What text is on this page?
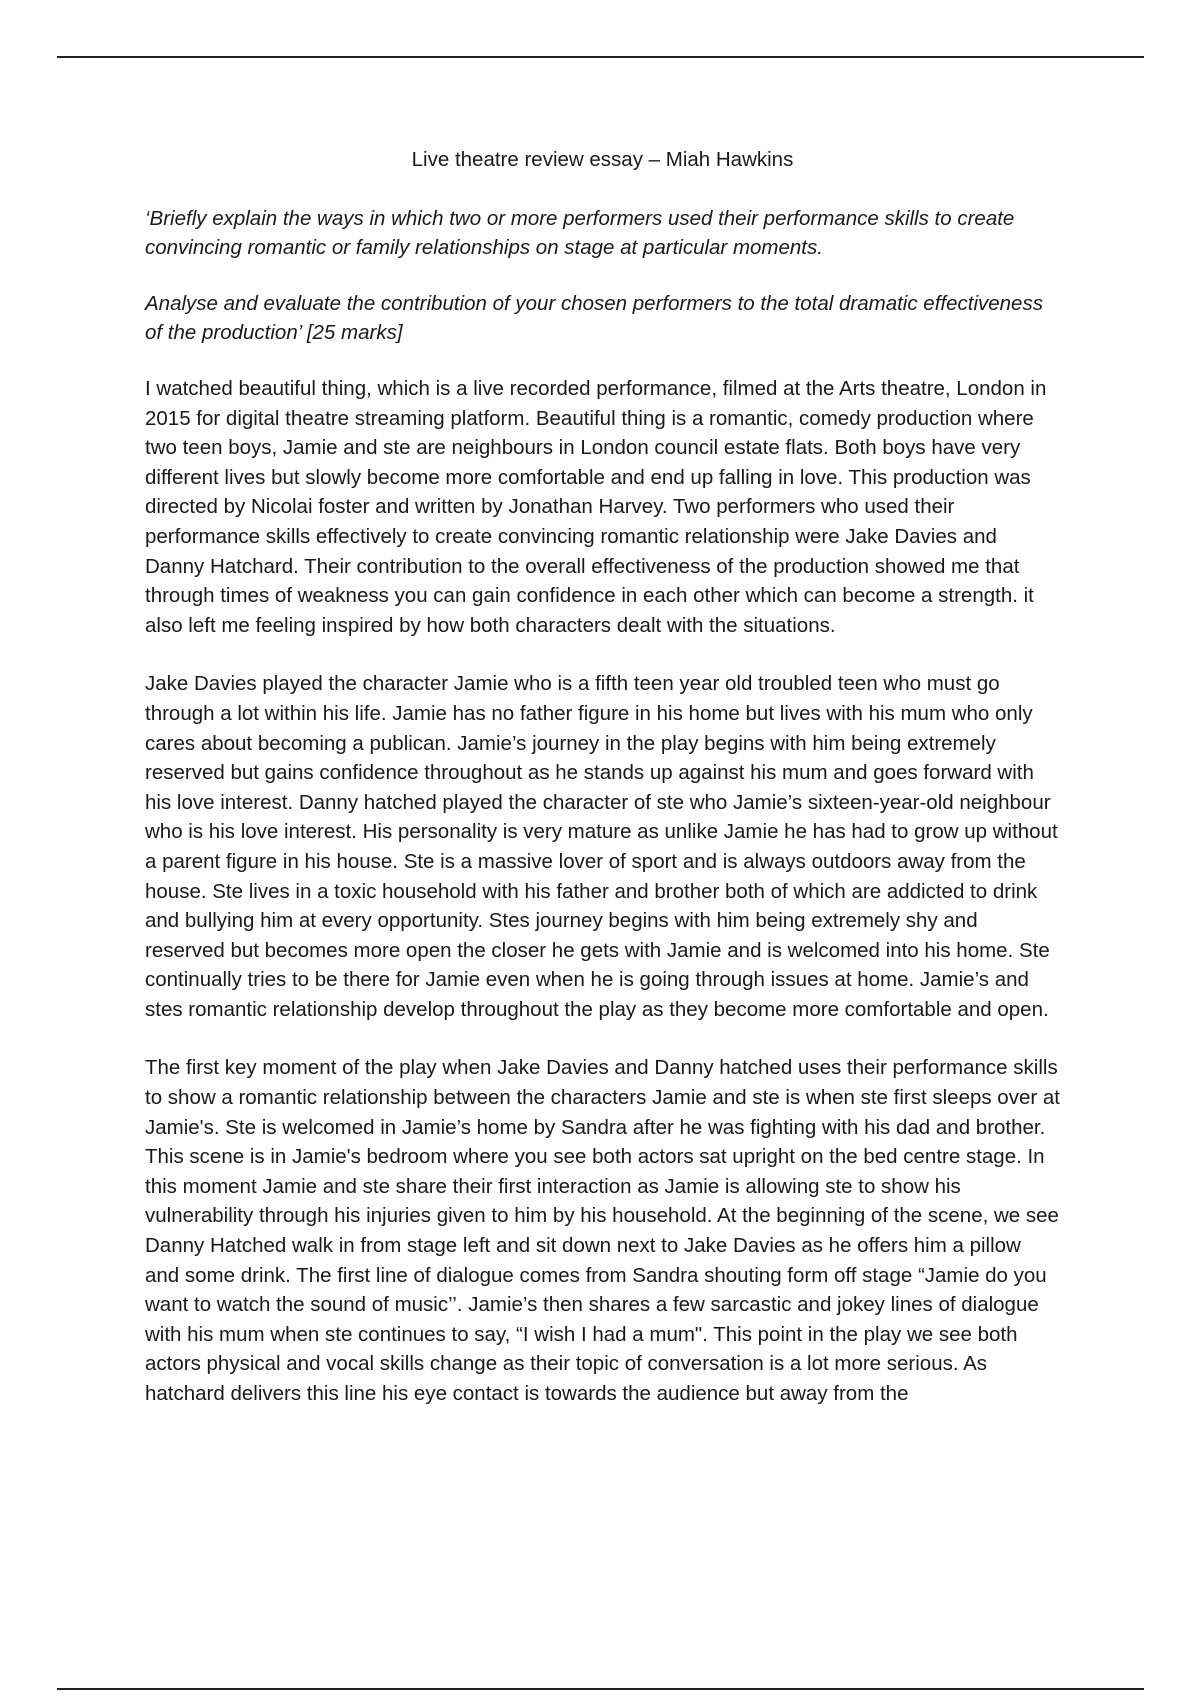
Live theatre review essay – Miah Hawkins

‘Briefly explain the ways in which two or more performers used their performance skills to create convincing romantic or family relationships on stage at particular moments.

Analyse and evaluate the contribution of your chosen performers to the total dramatic effectiveness of the production’ [25 marks]

I watched beautiful thing, which is a live recorded performance, filmed at the Arts theatre, London in 2015 for digital theatre streaming platform. Beautiful thing is a romantic, comedy production where two teen boys, Jamie and ste are neighbours in London council estate flats. Both boys have very different lives but slowly become more comfortable and end up falling in love. This production was directed by Nicolai foster and written by Jonathan Harvey. Two performers who used their performance skills effectively to create convincing romantic relationship were Jake Davies and Danny Hatchard. Their contribution to the overall effectiveness of the production showed me that through times of weakness you can gain confidence in each other which can become a strength. it also left me feeling inspired by how both characters dealt with the situations.

Jake Davies played the character Jamie who is a fifth teen year old troubled teen who must go through a lot within his life. Jamie has no father figure in his home but lives with his mum who only cares about becoming a publican. Jamie’s journey in the play begins with him being extremely reserved but gains confidence throughout as he stands up against his mum and goes forward with his love interest. Danny hatched played the character of ste who Jamie’s sixteen-year-old neighbour who is his love interest. His personality is very mature as unlike Jamie he has had to grow up without a parent figure in his house. Ste is a massive lover of sport and is always outdoors away from the house. Ste lives in a toxic household with his father and brother both of which are addicted to drink and bullying him at every opportunity. Stes journey begins with him being extremely shy and reserved but becomes more open the closer he gets with Jamie and is welcomed into his home. Ste continually tries to be there for Jamie even when he is going through issues at home. Jamie’s and stes romantic relationship develop throughout the play as they become more comfortable and open.

The first key moment of the play when Jake Davies and Danny hatched uses their performance skills to show a romantic relationship between the characters Jamie and ste is when ste first sleeps over at Jamie's. Ste is welcomed in Jamie’s home by Sandra after he was fighting with his dad and brother. This scene is in Jamie's bedroom where you see both actors sat upright on the bed centre stage. In this moment Jamie and ste share their first interaction as Jamie is allowing ste to show his vulnerability through his injuries given to him by his household. At the beginning of the scene, we see Danny Hatched walk in from stage left and sit down next to Jake Davies as he offers him a pillow and some drink. The first line of dialogue comes from Sandra shouting form off stage “Jamie do you want to watch the sound of music’’. Jamie’s then shares a few sarcastic and jokey lines of dialogue with his mum when ste continues to say, “I wish I had a mum". This point in the play we see both actors physical and vocal skills change as their topic of conversation is a lot more serious. As hatchard delivers this line his eye contact is towards the audience but away from the
